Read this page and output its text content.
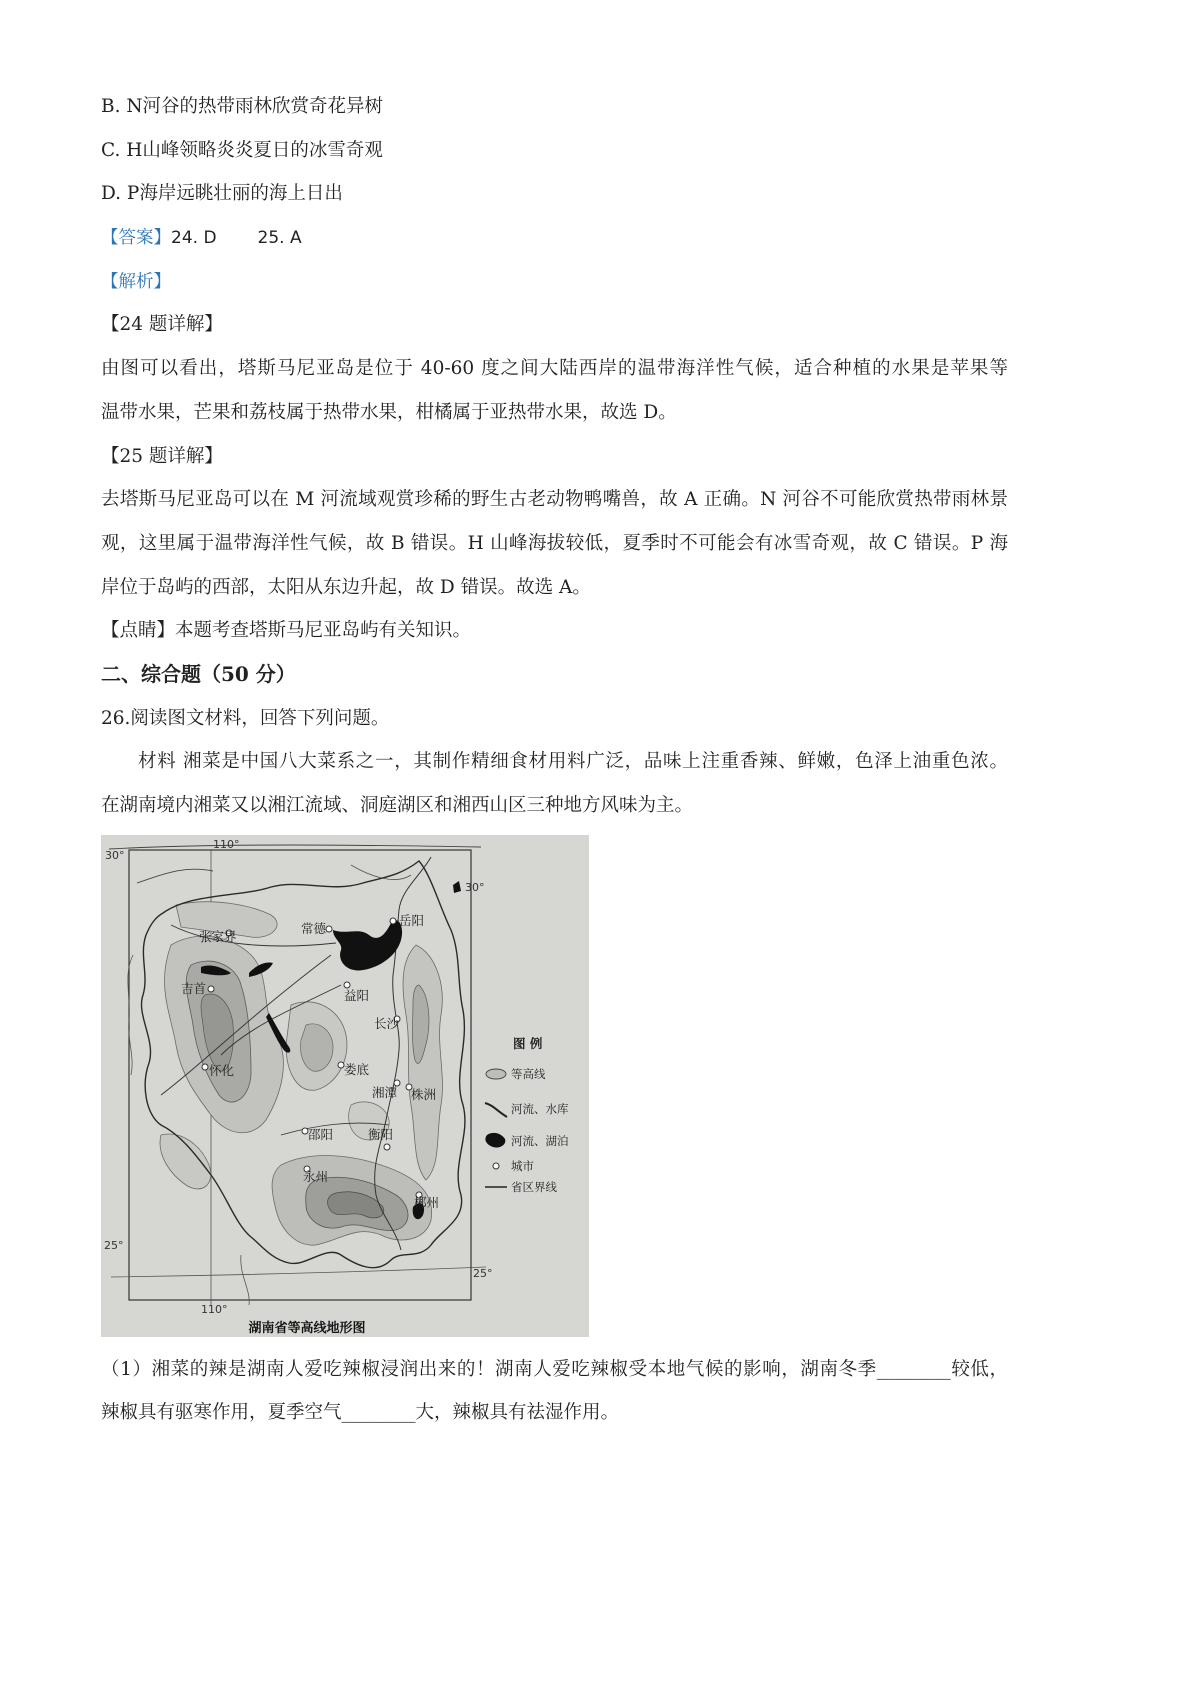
B. N河谷的热带雨林欣赏奇花异树
C. H山峰领略炎炎夏日的冰雪奇观
D. P海岸远眺壮丽的海上日出
【答案】24. D 25. A
【解析】
【24 题详解】
由图可以看出，塔斯马尼亚岛是位于 40-60 度之间大陆西岸的温带海洋性气候，适合种植的水果是苹果等
温带水果，芒果和荔枝属于热带水果，柑橘属于亚热带水果，故选 D。
【25 题详解】
去塔斯马尼亚岛可以在 M 河流域观赏珍稀的野生古老动物鸭嘴兽，故 A 正确。N 河谷不可能欣赏热带雨林景
观，这里属于温带海洋性气候，故 B 错误。H 山峰海拔较低，夏季时不可能会有冰雪奇观，故 C 错误。P 海
岸位于岛屿的西部，太阳从东边升起，故 D 错误。故选 A。
【点睛】本题考查塔斯马尼亚岛屿有关知识。
二、综合题（50 分）
26.阅读图文材料，回答下列问题。
材料 湘菜是中国八大菜系之一，其制作精细食材用料广泛，品味上注重香辣、鲜嫩，色泽上油重色浓。
在湖南境内湘菜又以湘江流域、洞庭湖区和湘西山区三种地方风味为主。
30°
110°
30°
25°
25°
110°
张家界
常德
岳阳
吉首	益阳
长沙
娄底
湘潭 株洲
怀化
邵阳	衡阳
永州
郴州
图 例
等高线
河流、水库
河流、湖泊
城市
省区界线
湖南省等高线地形图
（1）湘菜的辣是湖南人爱吃辣椒浸润出来的！湖南人爱吃辣椒受本地气候的影响，湖南冬季________较低，
辣椒具有驱寒作用，夏季空气________大，辣椒具有祛湿作用。
